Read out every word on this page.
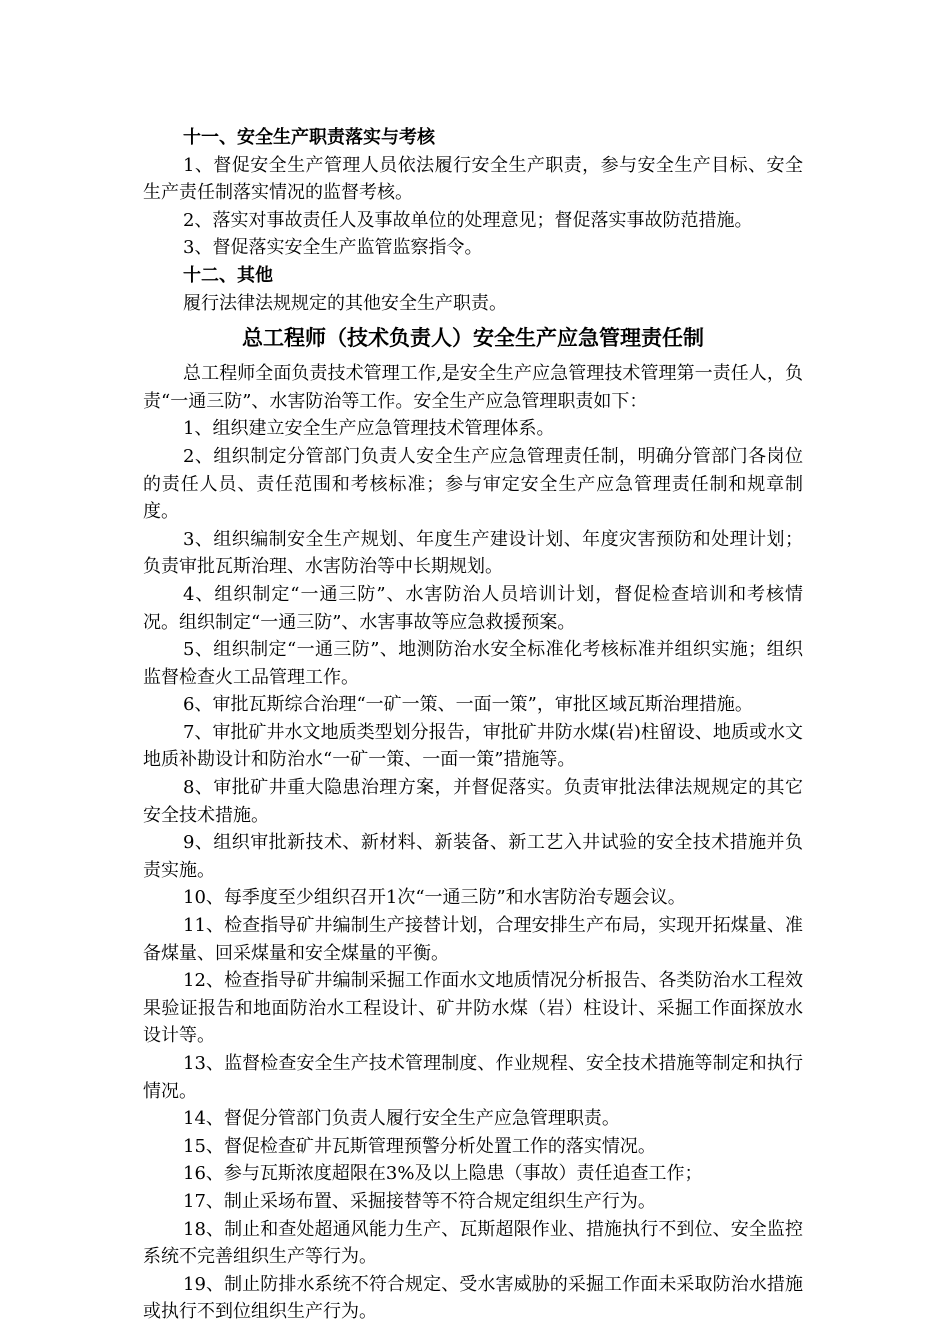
十一、安全生产职责落实与考核

1、督促安全生产管理人员依法履行安全生产职责，参与安全生产目标、安全生产责任制落实情况的监督考核。

2、落实对事故责任人及事故单位的处理意见；督促落实事故防范措施。

3、督促落实安全生产监管监察指令。

十二、其他

履行法律法规规定的其他安全生产职责。

总工程师（技术负责人）安全生产应急管理责任制

总工程师全面负责技术管理工作,是安全生产应急管理技术管理第一责任人，负责“一通三防”、水害防治等工作。安全生产应急管理职责如下：

1、组织建立安全生产应急管理技术管理体系。

2、组织制定分管部门负责人安全生产应急管理责任制，明确分管部门各岗位的责任人员、责任范围和考核标准；参与审定安全生产应急管理责任制和规章制度。

3、组织编制安全生产规划、年度生产建设计划、年度灾害预防和处理计划；负责审批瓦斯治理、水害防治等中长期规划。

4、组织制定“一通三防”、水害防治人员培训计划，督促检查培训和考核情况。组织制定“一通三防”、水害事故等应急救援预案。

5、组织制定“一通三防”、地测防治水安全标准化考核标准并组织实施；组织监督检查火工品管理工作。

6、审批瓦斯综合治理“一矿一策、一面一策”，审批区域瓦斯治理措施。

7、审批矿井水文地质类型划分报告，审批矿井防水煤(岩)柱留设、地质或水文地质补勘设计和防治水“一矿一策、一面一策”措施等。

8、审批矿井重大隐患治理方案，并督促落实。负责审批法律法规规定的其它安全技术措施。

9、组织审批新技术、新材料、新装备、新工艺入井试验的安全技术措施并负责实施。

10、每季度至少组织召开1次“一通三防”和水害防治专题会议。

11、检查指导矿井编制生产接替计划，合理安排生产布局，实现开拓煤量、准备煤量、回采煤量和安全煤量的平衡。

12、检查指导矿井编制采掘工作面水文地质情况分析报告、各类防治水工程效果验证报告和地面防治水工程设计、矿井防水煤（岩）柱设计、采掘工作面探放水设计等。

13、监督检查安全生产技术管理制度、作业规程、安全技术措施等制定和执行情况。

14、督促分管部门负责人履行安全生产应急管理职责。

15、督促检查矿井瓦斯管理预警分析处置工作的落实情况。

16、参与瓦斯浓度超限在3%及以上隐患（事故）责任追查工作；

17、制止采场布置、采掘接替等不符合规定组织生产行为。

18、制止和查处超通风能力生产、瓦斯超限作业、措施执行不到位、安全监控系统不完善组织生产等行为。

19、制止防排水系统不符合规定、受水害威胁的采掘工作面未采取防治水措施或执行不到位组织生产行为。
